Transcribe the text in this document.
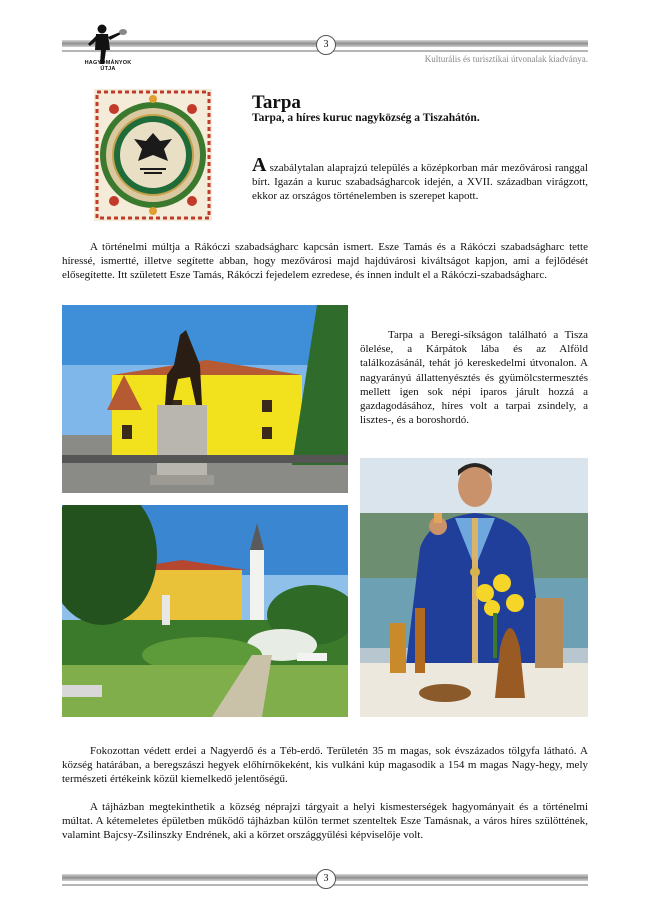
HAGYOMÁNYOK ÚTJA
3
Kulturális és turisztikai útvonalak kiadványa.
Tarpa
Tarpa, a híres kuruc nagyközség a Tiszahátón.

A szabálytalan alaprajzú település a középkorban már mezővárosi ranggal bírt. Igazán a kuruc szabadságharcok idején, a XVII. században virágzott, ekkor az országos történelemben is szerepet kapott.

A történelmi múltja a Rákóczi szabadságharc kapcsán ismert. Esze Tamás és a Rákóczi szabadságharc tette híressé, ismertté, illetve segítette abban, hogy mezővárosi majd hajdúvárosi kiváltságot kapjon, ami a fejlődését elősegítette. Itt született Esze Tamás, Rákóczi fejedelem ezredese, és innen indult el a Rákóczi-szabadságharc.

Tarpa a Beregi-síkságon található a Tisza ölelése, a Kárpátok lába és az Alföld találkozásánál, tehát jó kereskedelmi útvonalon. A nagyarányú állattenyésztés és gyümölcstermesztés mellett igen sok népi iparos járult hozzá a gazdagodásához, híres volt a tarpai zsindely, a lisztes-, és a boroshordó.

Fokozottan védett erdei a Nagyerdő és a Téb-erdő. Területén 35 m magas, sok évszázados tölgyfa látható. A község határában, a beregszászi hegyek előhírnökeként, kis vulkáni kúp magasodik a 154 m magas Nagy-hegy, mely természeti értékeink közül kiemelkedő jelentőségű.

A tájházban megtekinthetik a község néprajzi tárgyait a helyi kismesterségek hagyományait és a történelmi múltat. A kétemeletes épületben működő tájházban külön termet szenteltek Esze Tamásnak, a város híres szülöttének, valamint Bajcsy-Zsilinszky Endrének, aki a körzet országgyűlési képviselője volt.

3
